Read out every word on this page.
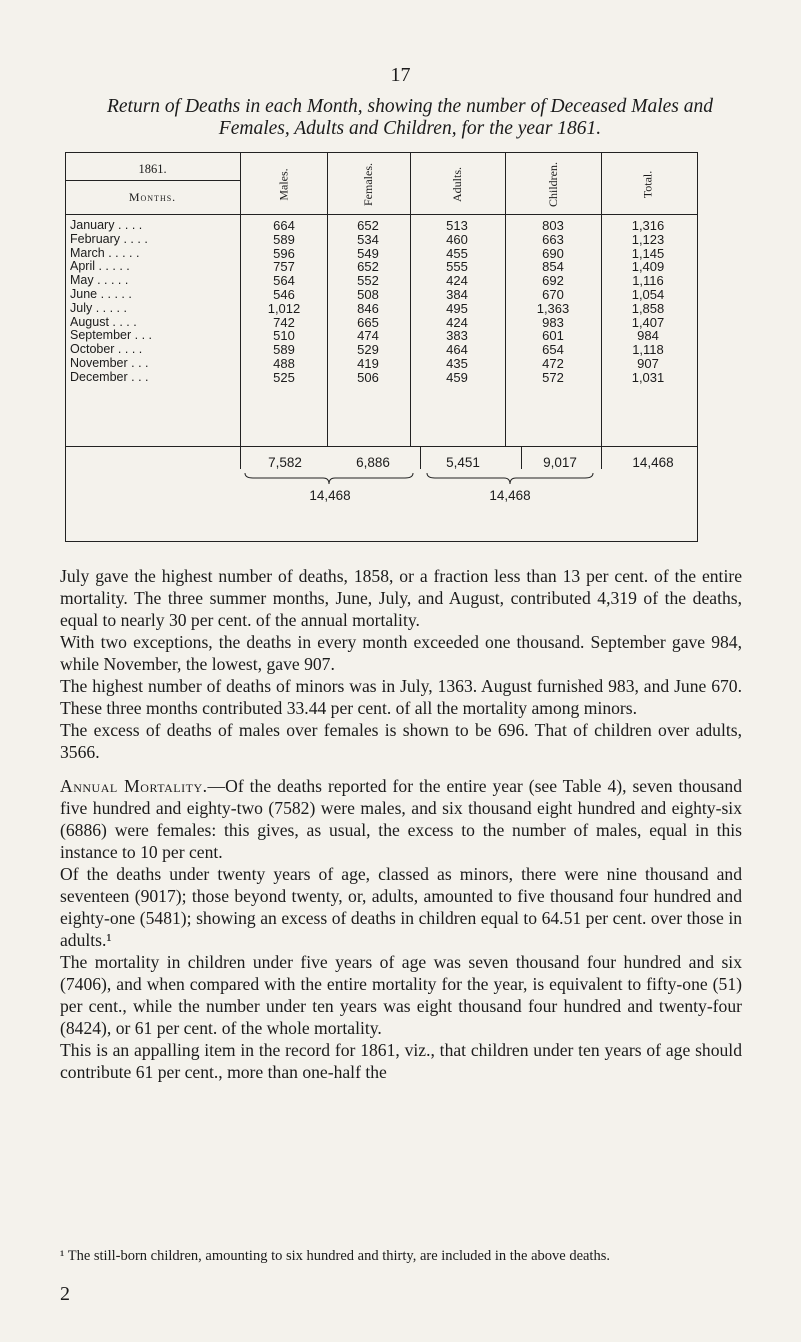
17
Return of Deaths in each Month, showing the number of Deceased Males and Females, Adults and Children, for the year 1861.
1861.
Months.	Males.	Females.	Adults.	Children.	Total.
January . . . .	664	652	513	803	1,316
February . . . .	589	534	460	663	1,123
March . . . . .	596	549	455	690	1,145
April . . . . .	757	652	555	854	1,409
May . . . . .	564	552	424	692	1,116
June . . . . .	546	508	384	670	1,054
July . . . . .	1,012	846	495	1,363	1,858
August . . . .	742	665	424	983	1,407
September . . .	510	474	383	601	984
October . . . .	589	529	464	654	1,118
November . . .	488	419	435	472	907
December . . .	525	506	459	572	1,031
7,582	6,886	5,451	9,017	14,468
14,468	14,468

July gave the highest number of deaths, 1858, or a fraction less than 13 per cent. of the entire mortality. The three summer months, June, July, and August, contributed 4,319 of the deaths, equal to nearly 30 per cent. of the annual mortality.

With two exceptions, the deaths in every month exceeded one thousand. September gave 984, while November, the lowest, gave 907.

The highest number of deaths of minors was in July, 1363. August furnished 983, and June 670. These three months contributed 33.44 per cent. of all the mortality among minors.

The excess of deaths of males over females is shown to be 696. That of children over adults, 3566.

Annual Mortality.—Of the deaths reported for the entire year (see Table 4), seven thousand five hundred and eighty-two (7582) were males, and six thousand eight hundred and eighty-six (6886) were females: this gives, as usual, the excess to the number of males, equal in this instance to 10 per cent.

Of the deaths under twenty years of age, classed as minors, there were nine thousand and seventeen (9017); those beyond twenty, or, adults, amounted to five thousand four hundred and eighty-one (5481); showing an excess of deaths in children equal to 64.51 per cent. over those in adults.¹

The mortality in children under five years of age was seven thousand four hundred and six (7406), and when compared with the entire mortality for the year, is equivalent to fifty-one (51) per cent., while the number under ten years was eight thousand four hundred and twenty-four (8424), or 61 per cent. of the whole mortality.

This is an appalling item in the record for 1861, viz., that children under ten years of age should contribute 61 per cent., more than one-half the

¹ The still-born children, amounting to six hundred and thirty, are included in the above deaths.
2
